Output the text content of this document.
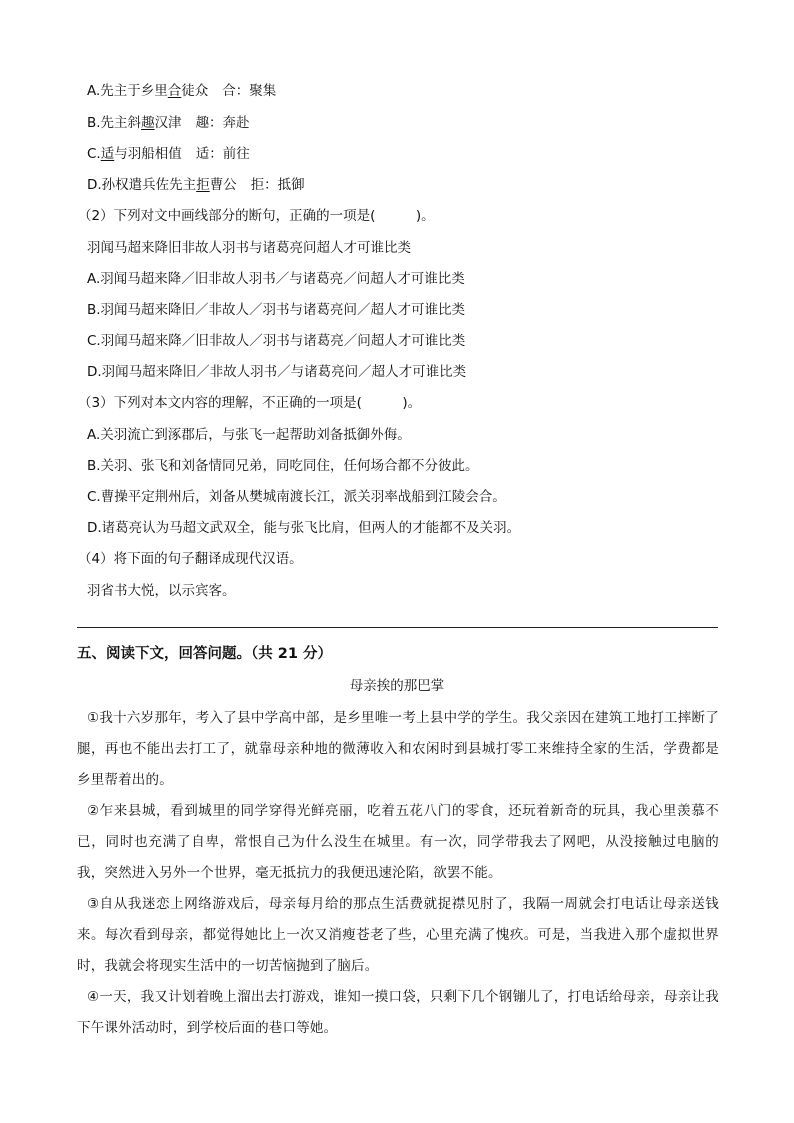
A.先主于乡里合徒众 合：聚集
B.先主斜趣汉津 趣：奔赴
C.适与羽船相值 适：前往
D.孙权遣兵佐先主拒曹公 拒：抵御
（2）下列对文中画线部分的断句，正确的一项是(　　　)。
羽闻马超来降旧非故人羽书与诸葛亮问超人才可谁比类
A.羽闻马超来降／旧非故人羽书／与诸葛亮／问超人才可谁比类
B.羽闻马超来降旧／非故人／羽书与诸葛亮问／超人才可谁比类
C.羽闻马超来降／旧非故人／羽书与诸葛亮／问超人才可谁比类
D.羽闻马超来降旧／非故人羽书／与诸葛亮问／超人才可谁比类
（3）下列对本文内容的理解，不正确的一项是(　　　)。
A.关羽流亡到涿郡后，与张飞一起帮助刘备抵御外侮。
B.关羽、张飞和刘备情同兄弟，同吃同住，任何场合都不分彼此。
C.曹操平定荆州后，刘备从樊城南渡长江，派关羽率战船到江陵会合。
D.诸葛亮认为马超文武双全，能与张飞比肩，但两人的才能都不及关羽。
（4）将下面的句子翻译成现代汉语。
羽省书大悦，以示宾客。
五、阅读下文，回答问题。（共 21 分）
母亲挨的那巴掌
①我十六岁那年，考入了县中学高中部，是乡里唯一考上县中学的学生。我父亲因在建筑工地打工摔断了腿，再也不能出去打工了，就靠母亲种地的微薄收入和农闲时到县城打零工来维持全家的生活，学费都是乡里帮着出的。
②乍来县城，看到城里的同学穿得光鲜亮丽，吃着五花八门的零食，还玩着新奇的玩具，我心里羡慕不已，同时也充满了自卑，常恨自己为什么没生在城里。有一次，同学带我去了网吧，从没接触过电脑的我，突然进入另外一个世界，毫无抵抗力的我便迅速沦陷，欲罢不能。
③自从我迷恋上网络游戏后，母亲每月给的那点生活费就捉襟见肘了，我隔一周就会打电话让母亲送钱来。每次看到母亲，都觉得她比上一次又消瘦苍老了些，心里充满了愧疚。可是，当我进入那个虚拟世界时，我就会将现实生活中的一切苦恼抛到了脑后。
④一天，我又计划着晚上溜出去打游戏，谁知一摸口袋，只剩下几个钢镚儿了，打电话给母亲，母亲让我下午课外活动时，到学校后面的巷口等她。
